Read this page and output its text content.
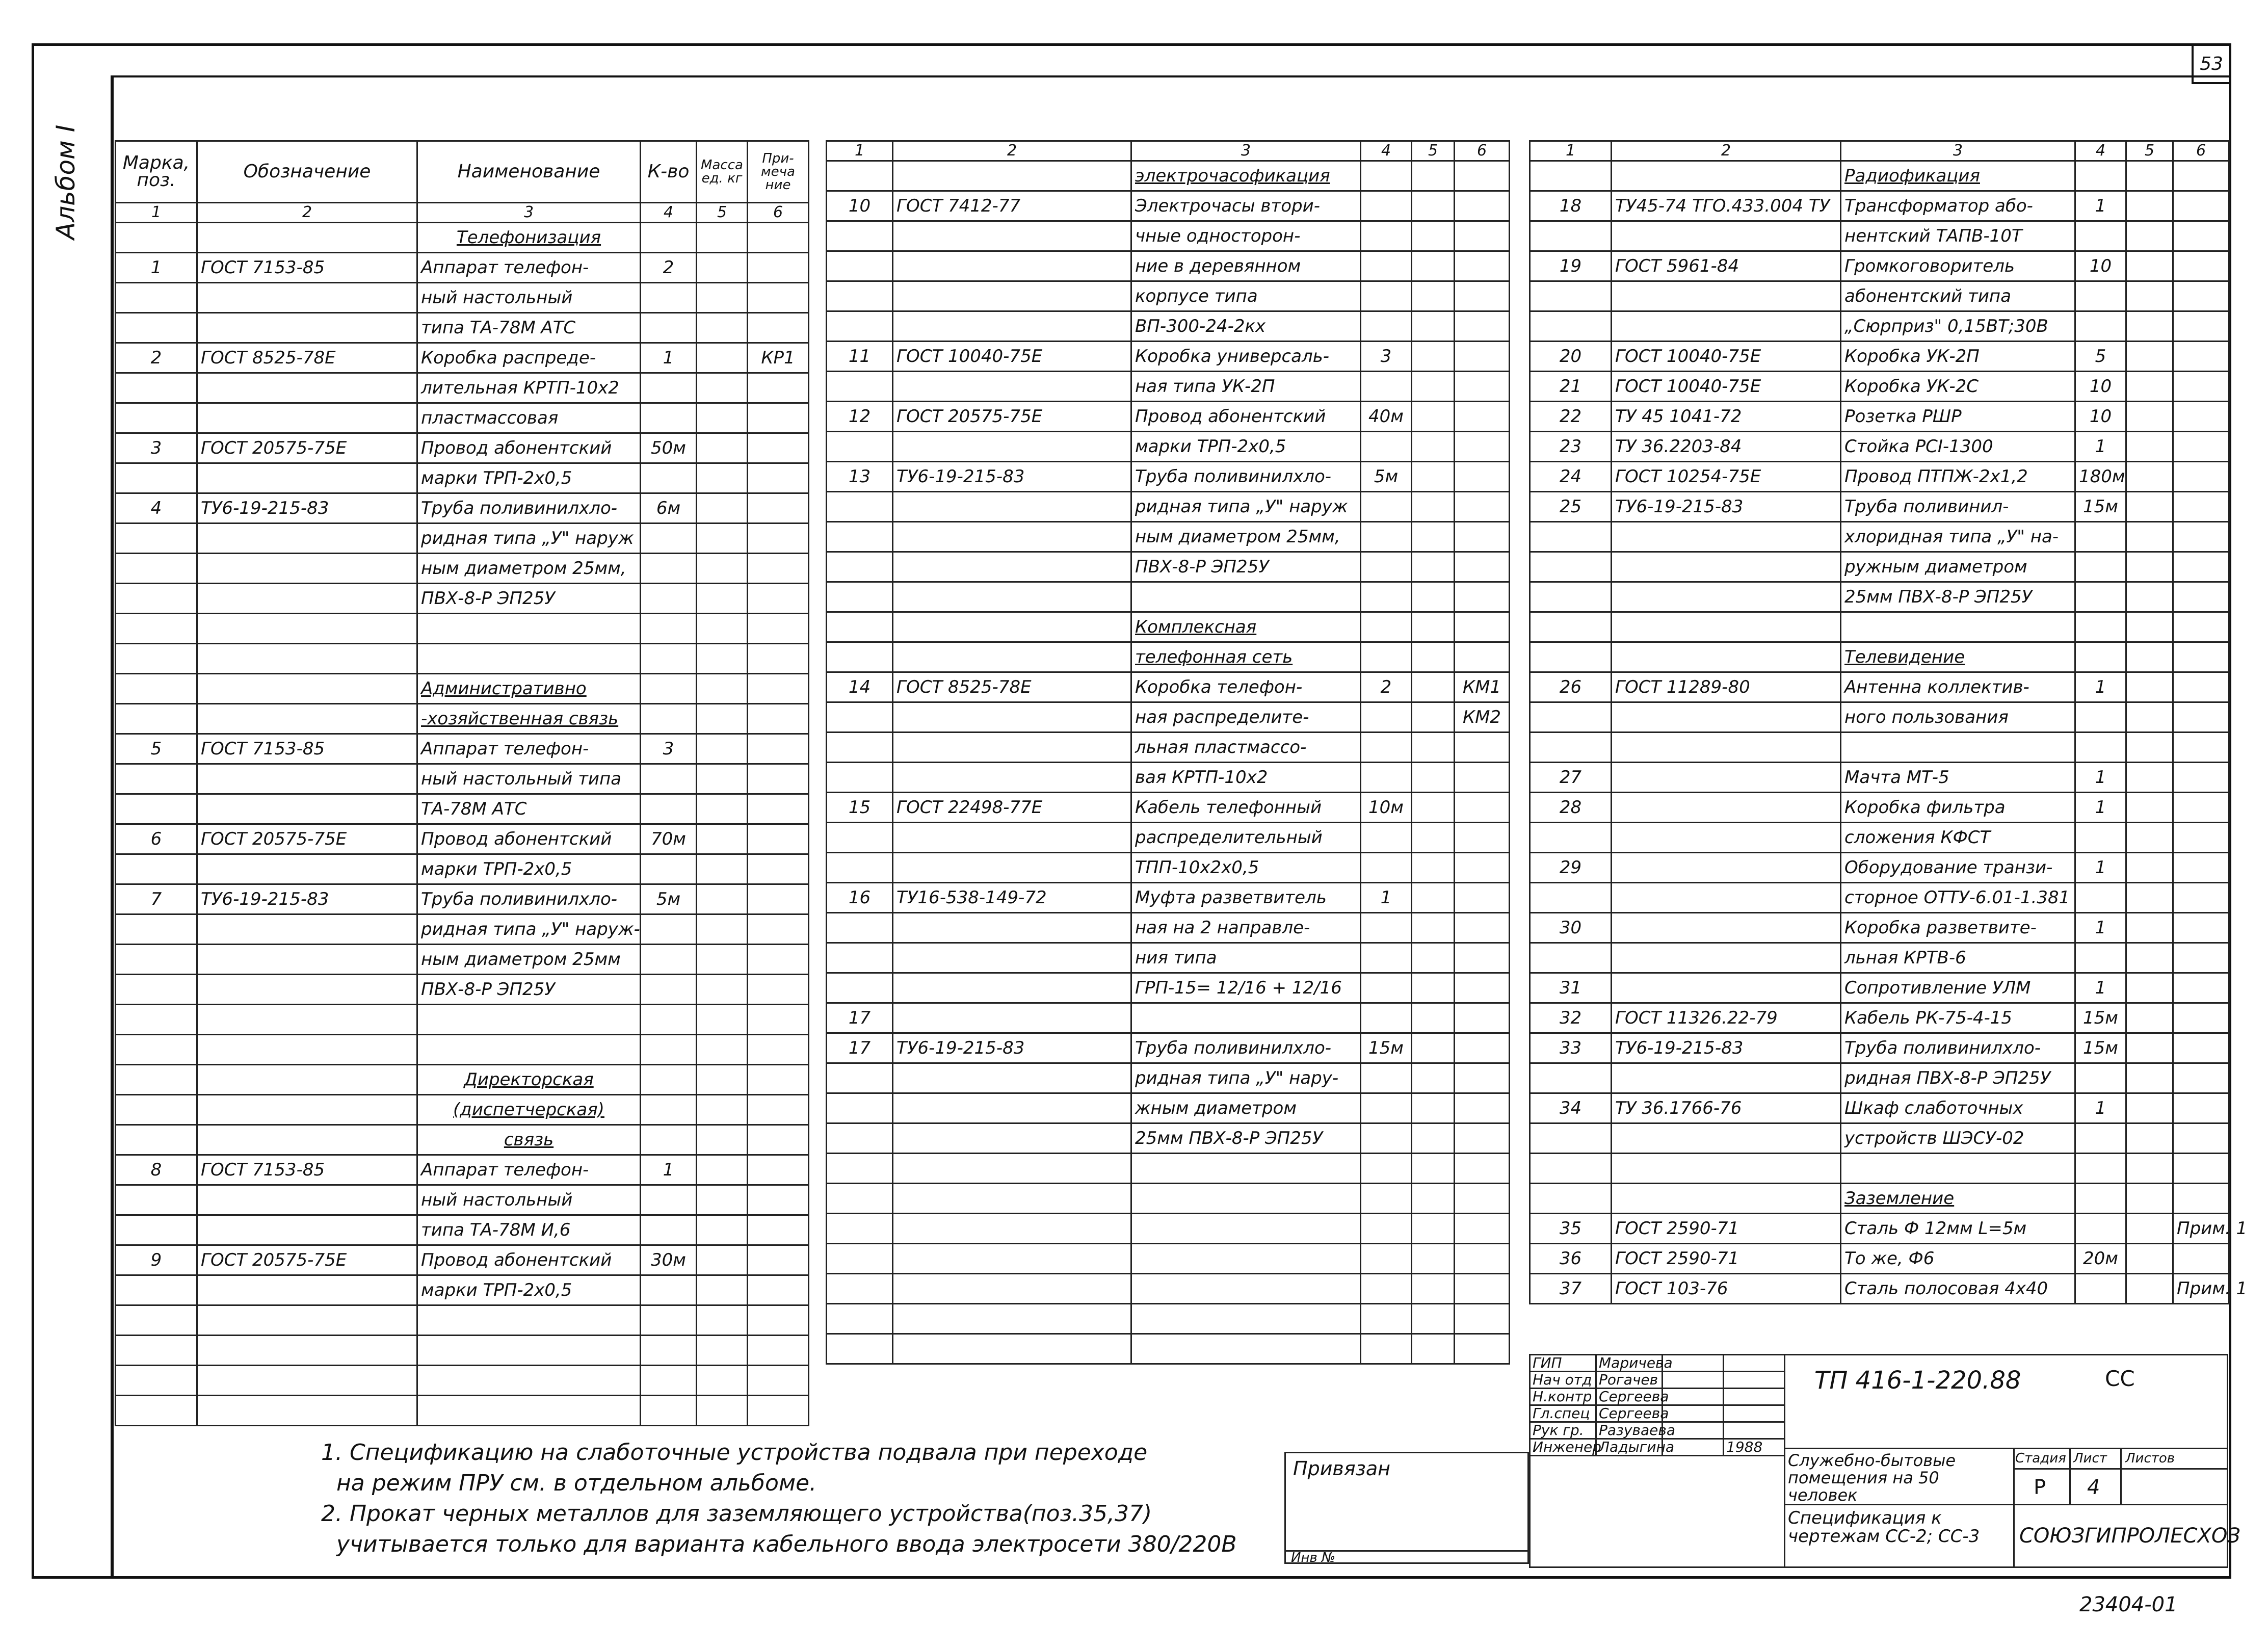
53
Альбом I Марка, поз.	Обозначение	Наименование	К-во	Масса ед. кг	При-меча ние
1	2	3	4	5	6
		Телефонизация			
1	ГОСТ 7153-85	Аппарат телефон-	2		
		ный настольный			
		типа ТА-78М АТС			
2	ГОСТ 8525-78Е	Коробка распреде-	1		КР1
		лительная КРТП-10х2			
		пластмассовая			
3	ГОСТ 20575-75Е	Провод абонентский	50м		
		марки ТРП-2х0,5			
4	ТУ6-19-215-83	Труба поливинилхло-	6м		
		ридная типа „У" наруж			
		ным диаметром 25мм,			
		ПВХ-8-Р ЭП25У			

		Административно			
		-хозяйственная связь			
5	ГОСТ 7153-85	Аппарат телефон-	3		
		ный настольный типа			
		ТА-78М АТС			
6	ГОСТ 20575-75Е	Провод абонентский	70м		
		марки ТРП-2х0,5			
7	ТУ6-19-215-83	Труба поливинилхло-	5м		
		ридная типа „У" наруж-			
		ным диаметром 25мм			
		ПВХ-8-Р ЭП25У			

		Директорская			
		(диспетчерская)			
		связь			
8	ГОСТ 7153-85	Аппарат телефон-	1		
		ный настольный			
		типа ТА-78М И,6			
9	ГОСТ 20575-75Е	Провод абонентский	30м		
		марки ТРП-2х0,5			

1	2	3	4	5	6
		электрочасофикация			
10	ГОСТ 7412-77	Электрочасы втори-			
		чные односторон-			
		ние в деревянном			
		корпусе типа			
		ВП-300-24-2кх			
11	ГОСТ 10040-75Е	Коробка универсаль-	3		
		ная типа УК-2П			
12	ГОСТ 20575-75Е	Провод абонентский	40м		
		марки ТРП-2х0,5			
13	ТУ6-19-215-83	Труба поливинилхло-	5м		
		ридная типа „У" наруж			
		ным диаметром 25мм,			
		ПВХ-8-Р ЭП25У			

		Комплексная			
		телефонная сеть			
14	ГОСТ 8525-78Е	Коробка телефон-	2		КМ1
		ная распределите-			КМ2
		льная пластмассо-			
		вая КРТП-10х2			
15	ГОСТ 22498-77Е	Кабель телефонный	10м		
		распределительный			
		ТПП-10х2х0,5			
16	ТУ16-538-149-72	Муфта разветвитель	1		
		ная на 2 направле-			
		ния типа			
		ГРП-15= 12/16 + 12/16			
17					
17	ТУ6-19-215-83	Труба поливинилхло-	15м		
		ридная типа „У" нару-			
		жным диаметром			
		25мм ПВХ-8-Р ЭП25У			

1	2	3	4	5	6
		Радиофикация			
18	ТУ45-74 ТГО.433.004 ТУ	Трансформатор або-	1		
		нентский ТАПВ-10Т			
19	ГОСТ 5961-84	Громкоговоритель	10		
		абонентский типа			
		„Сюрприз" 0,15ВТ;30В			
20	ГОСТ 10040-75Е	Коробка УК-2П	5		
21	ГОСТ 10040-75Е	Коробка УК-2С	10		
22	ТУ 45 1041-72	Розетка РШР	10		
23	ТУ 36.2203-84	Стойка РСI-1300	1		
24	ГОСТ 10254-75Е	Провод ПТПЖ-2х1,2	180м		
25	ТУ6-19-215-83	Труба поливинил-	15м		
		хлоридная типа „У" на-			
		ружным диаметром			
		25мм ПВХ-8-Р ЭП25У			

		Телевидение			
26	ГОСТ 11289-80	Антенна коллектив-	1		
		ного пользования			

27		Мачта МТ-5	1		
28		Коробка фильтра	1		
		сложения КФСТ			
29		Оборудование транзи-	1		
		сторное ОТТУ-6.01-1.381			
30		Коробка разветвите-	1		
		льная КРТВ-6			
31		Сопротивление УЛМ	1		
32	ГОСТ 11326.22-79	Кабель РК-75-4-15	15м		
33	ТУ6-19-215-83	Труба поливинилхло-	15м		
		ридная ПВХ-8-Р ЭП25У			
34	ТУ 36.1766-76	Шкаф слаботочных	1		
		устройств ШЭСУ-02			

		Заземление			
35	ГОСТ 2590-71	Сталь Ф 12мм L=5м			Прим. 1
36	ГОСТ 2590-71	То же, Ф6	20м		
37	ГОСТ 103-76	Сталь полосовая 4х40			Прим. 1
1. Спецификацию на слаботочные устройства подвала при переходе
на режим ПРУ см. в отдельном альбоме.
2. Прокат черных металлов для заземляющего устройства(поз.35,37)
учитывается только для варианта кабельного ввода электросети 380/220В
Привязан
Инв №
ГИП	Маричева		
Нач отд	Рогачев		
Н.контр	Сергеева		
Гл.спец	Сергеева		
Рук гр.	Разуваева		
Инженер	Ладыгина		1988
ТП 416-1-220.88	СС
Служебно-бытовые помещения на 50 человек
Стадия Лист Листов
Р 4
Спецификация к чертежам СС-2; СС-3	СОЮЗГИПРОЛЕСХОЗ
23404-01
